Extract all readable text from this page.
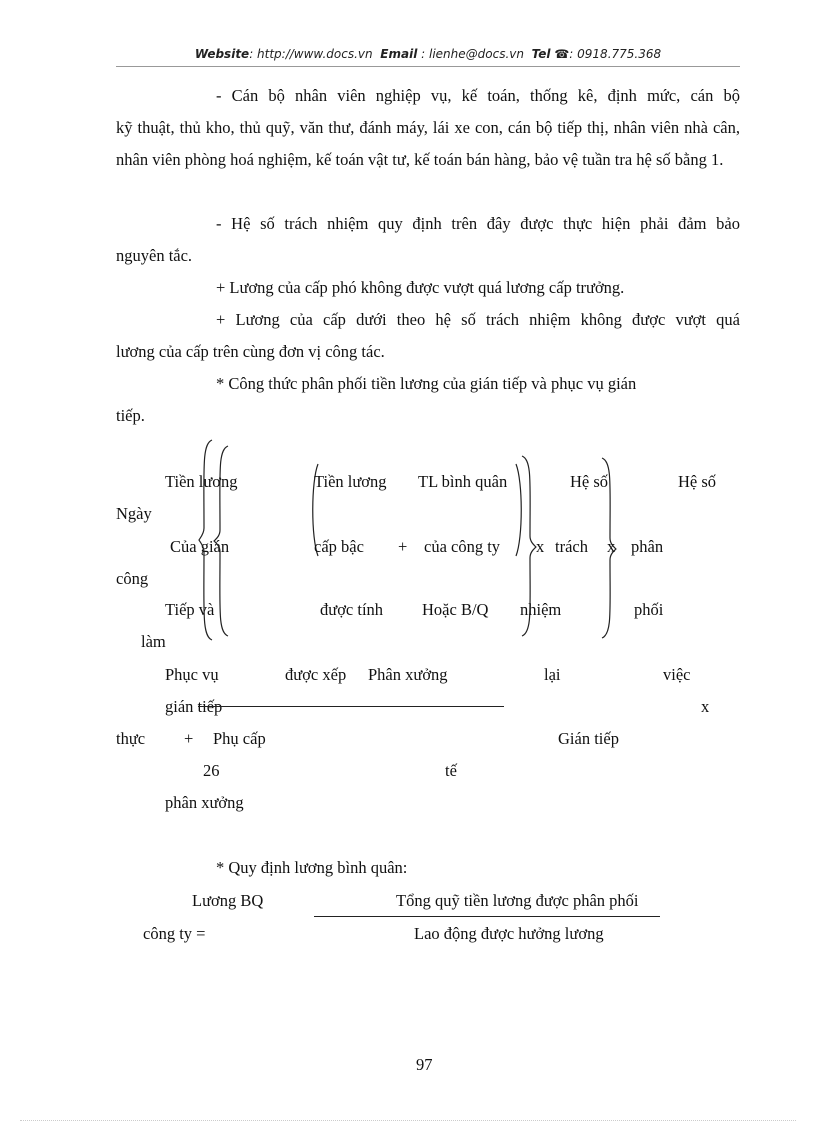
Website: http://www.docs.vn Email : lienhe@docs.vn Tel ☎: 0918.775.368
- Cán bộ nhân viên nghiệp vụ, kế toán, thống kê, định mức, cán bộ
kỹ thuật, thủ kho, thủ quỹ, văn thư, đánh máy, lái xe con, cán bộ tiếp thị, nhân viên nhà cân, nhân viên phòng hoá nghiệm, kế toán vật tư, kế toán bán hàng, bảo vệ tuần tra hệ số bằng 1.
- Hệ số trách nhiệm quy định trên đây được thực hiện phải đảm bảo
nguyên tắc.
+ Lương của cấp phó không được vượt quá lương cấp trưởng.
+ Lương của cấp dưới theo hệ số trách nhiệm không được vượt quá
lương của cấp trên cùng đơn vị công tác.
* Công thức phân phối tiền lương của gián tiếp và phục vụ gián
tiếp.
Tiền lương
Ngày
Của gián
công
Tiếp và
làm
Phục vụ
gián tiếp
Tiền lương
cấp bậc +
được tính
được xếp
TL bình quân
của công ty
Hoặc B/Q
Phân xưởng
x
Hệ số
trách
nhiệm
lại
x
Hệ số
phân
phối
việc
x
thực + Phụ cấp	Gián tiếp
26	tế
phân xưởng
* Quy định lương bình quân:
Lương BQ
công ty =
Tổng quỹ tiền lương được phân phối
Lao động được hưởng lương
97
